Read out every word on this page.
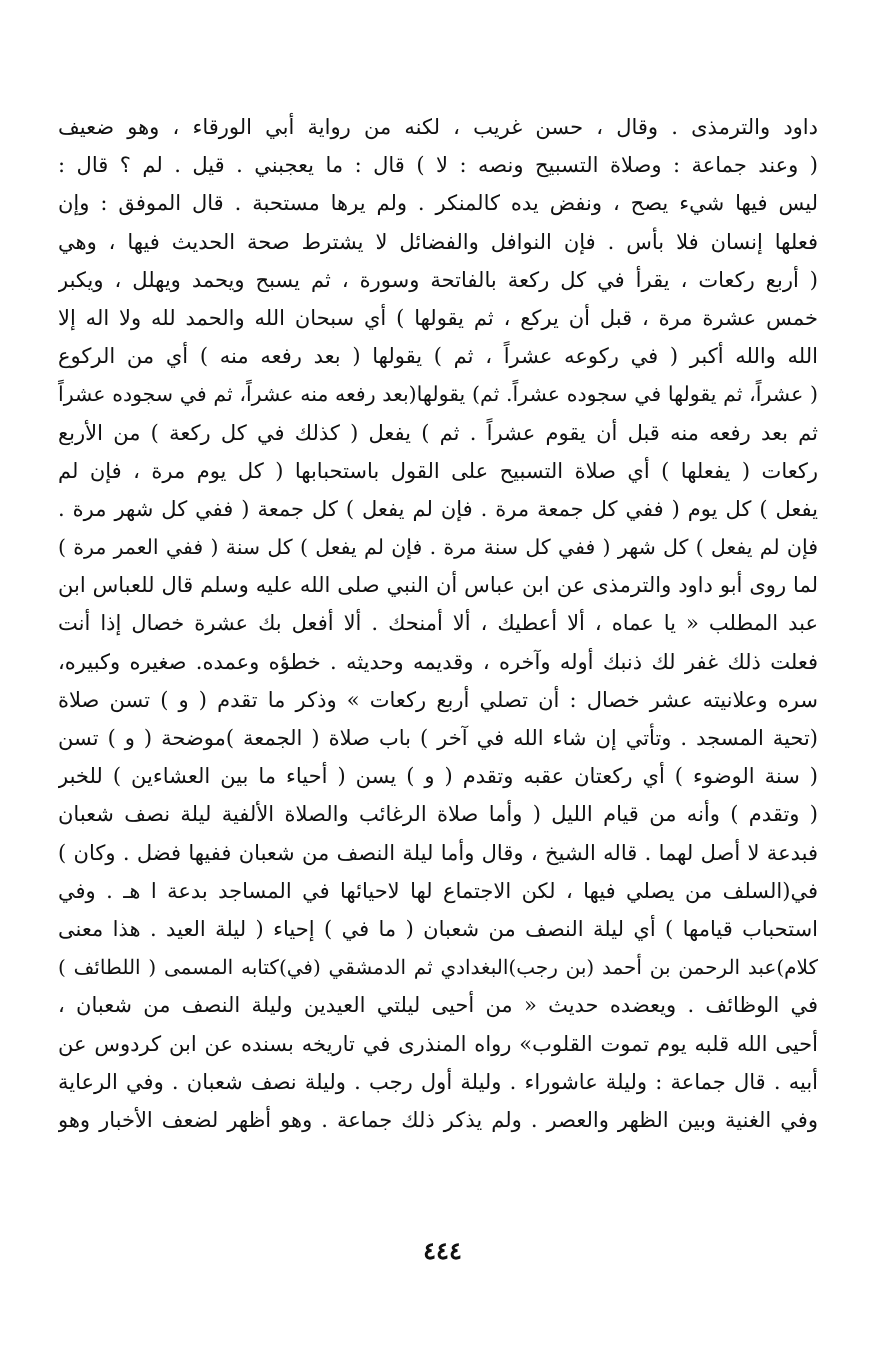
داود والترمذى . وقال ، حسن غريب ، لكنه من رواية أبي الورقاء ، وهو ضعيف
( وعند جماعة : وصلاة التسبيح ونصه : لا ) قال : ما يعجبني . قيل . لم ؟ قال :
ليس فيها شيء يصح ، ونفض يده كالمنكر . ولم يرها مستحبة . قال الموفق : وإن
فعلها إنسان فلا بأس . فإن النوافل والفضائل لا يشترط صحة الحديث فيها ، وهي
( أربع ركعات ، يقرأ في كل ركعة بالفاتحة وسورة ، ثم يسبح ويحمد ويهلل ، ويكبر
خمس عشرة مرة ، قبل أن يركع ، ثم يقولها ) أي سبحان الله والحمد لله ولا اله إلا
الله والله أكبر ( في ركوعه عشراً ، ثم ) يقولها ( بعد رفعه منه ) أي من الركوع
( عشراً، ثم يقولها في سجوده عشراً. ثم) يقولها(بعد رفعه منه عشراً، ثم في سجوده عشراً
ثم بعد رفعه منه قبل أن يقوم عشراً . ثم ) يفعل ( كذلك في كل ركعة ) من الأربع
ركعات ( يفعلها ) أي صلاة التسبيح على القول باستحبابها ( كل يوم مرة ، فإن لم
يفعل ) كل يوم ( ففي كل جمعة مرة . فإن لم يفعل ) كل جمعة ( ففي كل شهر مرة .
فإن لم يفعل ) كل شهر ( ففي كل سنة مرة . فإن لم يفعل ) كل سنة ( ففي العمر مرة )
لما روى أبو داود والترمذى عن ابن عباس أن النبي صلى الله عليه وسلم قال للعباس ابن
عبد المطلب « يا عماه ، ألا أعطيك ، ألا أمنحك . ألا أفعل بك عشرة خصال إذا أنت
فعلت ذلك غفر لك ذنبك أوله وآخره ، وقديمه وحديثه . خطؤه وعمده. صغيره وكبيره،
سره وعلانيته عشر خصال : أن تصلي أربع ركعات » وذكر ما تقدم ( و ) تسن صلاة
(تحية المسجد . وتأتي إن شاء الله في آخر ) باب صلاة ( الجمعة )موضحة ( و ) تسن
( سنة الوضوء ) أي ركعتان عقبه وتقدم ( و ) يسن ( أحياء ما بين العشاءين ) للخبر
( وتقدم ) وأنه من قيام الليل ( وأما صلاة الرغائب والصلاة الألفية ليلة نصف شعبان
فبدعة لا أصل لهما . قاله الشيخ ، وقال وأما ليلة النصف من شعبان ففيها فضل . وكان )
في(السلف من يصلي فيها ، لكن الاجتماع لها لاحيائها في المساجد بدعة ا هـ . وفي
استحباب قيامها ) أي ليلة النصف من شعبان ( ما في ) إحياء ( ليلة العيد . هذا معنى
كلام)عبد الرحمن بن أحمد (بن رجب)البغدادي ثم الدمشقي (في)كتابه المسمى ( اللطائف )
في الوظائف . ويعضده حديث « من أحيى ليلتي العيدين وليلة النصف من شعبان ،
أحيى الله قلبه يوم تموت القلوب» رواه المنذرى في تاريخه بسنده عن ابن كردوس عن
أبيه . قال جماعة : وليلة عاشوراء . وليلة أول رجب . وليلة نصف شعبان . وفي الرعاية
وفي الغنية وبين الظهر والعصر . ولم يذكر ذلك جماعة . وهو أظهر لضعف الأخبار وهو
٤٤٤
